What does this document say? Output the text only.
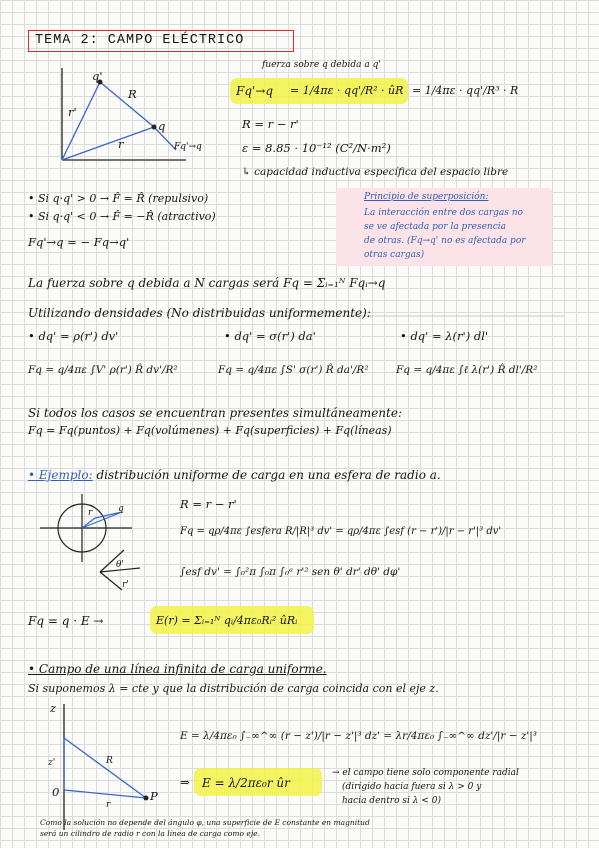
TEMA 2: CAMPO ELÉCTRICO
q'
r'
R
q
r	Fq'→q
fuerza sobre q debida a q'
Fq'→q = 1/4πε · qq'/R² · ûR = 1/4πε · qq'/R³ · R
R = r − r'
ε = 8.85 · 10⁻¹² (C²/N·m²)
↳ capacidad inductiva específica del espacio libre
• Si q·q' > 0 → F̂ = R̂ (repulsivo)
• Si q·q' < 0 → F̂ = −R̂ (atractivo)
Fq'→q = − Fq→q'
Principio de superposición:
La interacción entre dos cargas no
se ve afectada por la presencia
de otras. (Fq→q' no es afectada por
otras cargas)
La fuerza sobre q debida a N cargas será Fq = Σᵢ₌₁ᴺ Fqᵢ→q
Utilizando densidades (No distribuidas uniformemente):
• dq' = ρ(r') dv'	• dq' = σ(r') da'	• dq' = λ(r') dl'
Fq = q/4πε ∫V' ρ(r') R̂ dv'/R²	Fq = q/4πε ∫S' σ(r') R̂ da'/R²	Fq = q/4πε ∫ℓ λ(r') R̂ dl'/R²
Si todos los casos se encuentran presentes simultáneamente:
Fq = Fq(puntos) + Fq(volúmenes) + Fq(superficies) + Fq(líneas)
• Ejemplo: distribución uniforme de carga en una esfera de radio a.
q
r
θ'
r'
R = r − r'
Fq = qρ/4πε ∫esfera R/|R|³ dv' = qρ/4πε ∫esf (r − r')/|r − r'|³ dv'
∫esf dv' = ∫₀²π ∫₀π ∫₀ᵃ r'² sen θ' dr' dθ' dφ'
Fq = q · E →	E(r) = Σᵢ₌₁ᴺ qᵢ/4πε₀Rᵢ² ûRᵢ
• Campo de una línea infinita de carga uniforme.
Si suponemos λ = cte y que la distribución de carga coincida con el eje z.
z
z'	R
r
0	P
E = λ/4πε₀ ∫₋∞^∞ (r − z')/|r − z'|³ dz' = λr/4πε₀ ∫₋∞^∞ dz'/|r − z'|³
⇒ E = λ/2πε₀r ûr
→ el campo tiene solo componente radial
(dirigido hacia fuera si λ > 0 y
hacia dentro si λ < 0)
Como la solución no depende del ángulo φ, una superficie de E constante en magnitud
será un cilindro de radio r con la línea de carga como eje.
